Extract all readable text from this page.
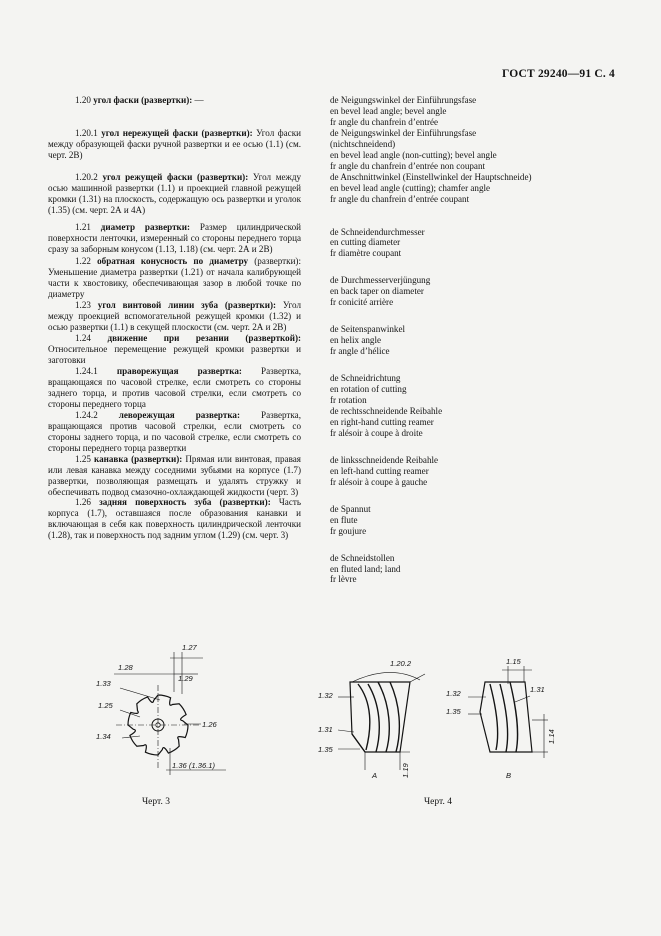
ГОСТ 29240—91 С. 4

1.20 угол фаски (развертки): —

1.20.1 угол нережущей фаски (развертки): Угол фаски между образующей фаски ручной развертки и ее осью (1.1) (см. черт. 2В)

1.20.2 угол режущей фаски (развертки): Угол между осью машинной развертки (1.1) и проекцией главной режущей кромки (1.31) на плоскость, содержащую ось развертки и уголок (1.35) (см. черт. 2А и 4А)

1.21 диаметр развертки: Размер цилиндрической поверхности ленточки, измеренный со стороны переднего торца сразу за заборным конусом (1.13, 1.18) (см. черт. 2А и 2В)

1.22 обратная конусность по диаметру (развертки): Уменьшение диаметра развертки (1.21) от начала калибрующей части к хвостовику, обеспечивающая зазор в любой точке по диаметру

1.23 угол винтовой линии зуба (развертки): Угол между проекцией вспомогательной режущей кромки (1.32) и осью развертки (1.1) в секущей плоскости (см. черт. 2А и 2В)

1.24 движение при резании (разверткой): Относительное перемещение режущей кромки развертки и заготовки

1.24.1 праворежущая развертка: Развертка, вращающаяся по часовой стрелке, если смотреть со стороны заднего торца, и против часовой стрелки, если смотреть со стороны переднего торца

1.24.2 леворежущая развертка: Развертка, вращающаяся против часовой стрелки, если смотреть со стороны заднего торца, и по часовой стрелке, если смотреть со стороны переднего торца развертки

1.25 канавка (развертки): Прямая или винтовая, правая или левая канавка между соседними зубьями на корпусе (1.7) развертки, позволяющая размещать и удалять стружку и обеспечивать подвод смазочно-охлаждающей жидкости (черт. 3)

1.26 задняя поверхность зуба (развертки): Часть корпуса (1.7), оставшаяся после образования канавки и включающая в себя как поверхность цилиндрической ленточки (1.28), так и поверхность под задним углом (1.29) (см. черт. 3)

de Neigungswinkel der Einführungsfase
en bevel lead angle; bevel angle
fr angle du chanfrein d’entrée
de Neigungswinkel der Einführungsfase
(nichtschneidend)
en bevel lead angle (non-cutting); bevel angle
fr angle du chanfrein d’entrée non coupant
de Anschnittwinkel (Einstellwinkel der Hauptschneide)
en bevel lead angle (cutting); chamfer angle
fr angle du chanfrein d’entrée coupant
de Schneidendurchmesser
en cutting diameter
fr diamètre coupant
de Durchmesserverjüngung
en back taper on diameter
fr conicité arrière
de Seitenspanwinkel
en helix angle
fr angle d’hélice
de Schneidrichtung
en rotation of cutting
fr rotation
de rechtsschneidende Reibahle
en right-hand cutting reamer
fr alésoir à coupe à droite
de linksschneidende Reibahle
en left-hand cutting reamer
fr alésoir à coupe à gauche
de Spannut
en flute
fr goujure
de Schneidstollen
en fluted land; land
fr lèvre
1.27
1.28
1.29
1.33
1.25
1.26
1.34
1.36 (1.36.1)
Черт. 3
1.20.2
1.32
1.31
1.35
1.19
A
1.15
1.32
1.35
1.31
1.14
B
Черт. 4
